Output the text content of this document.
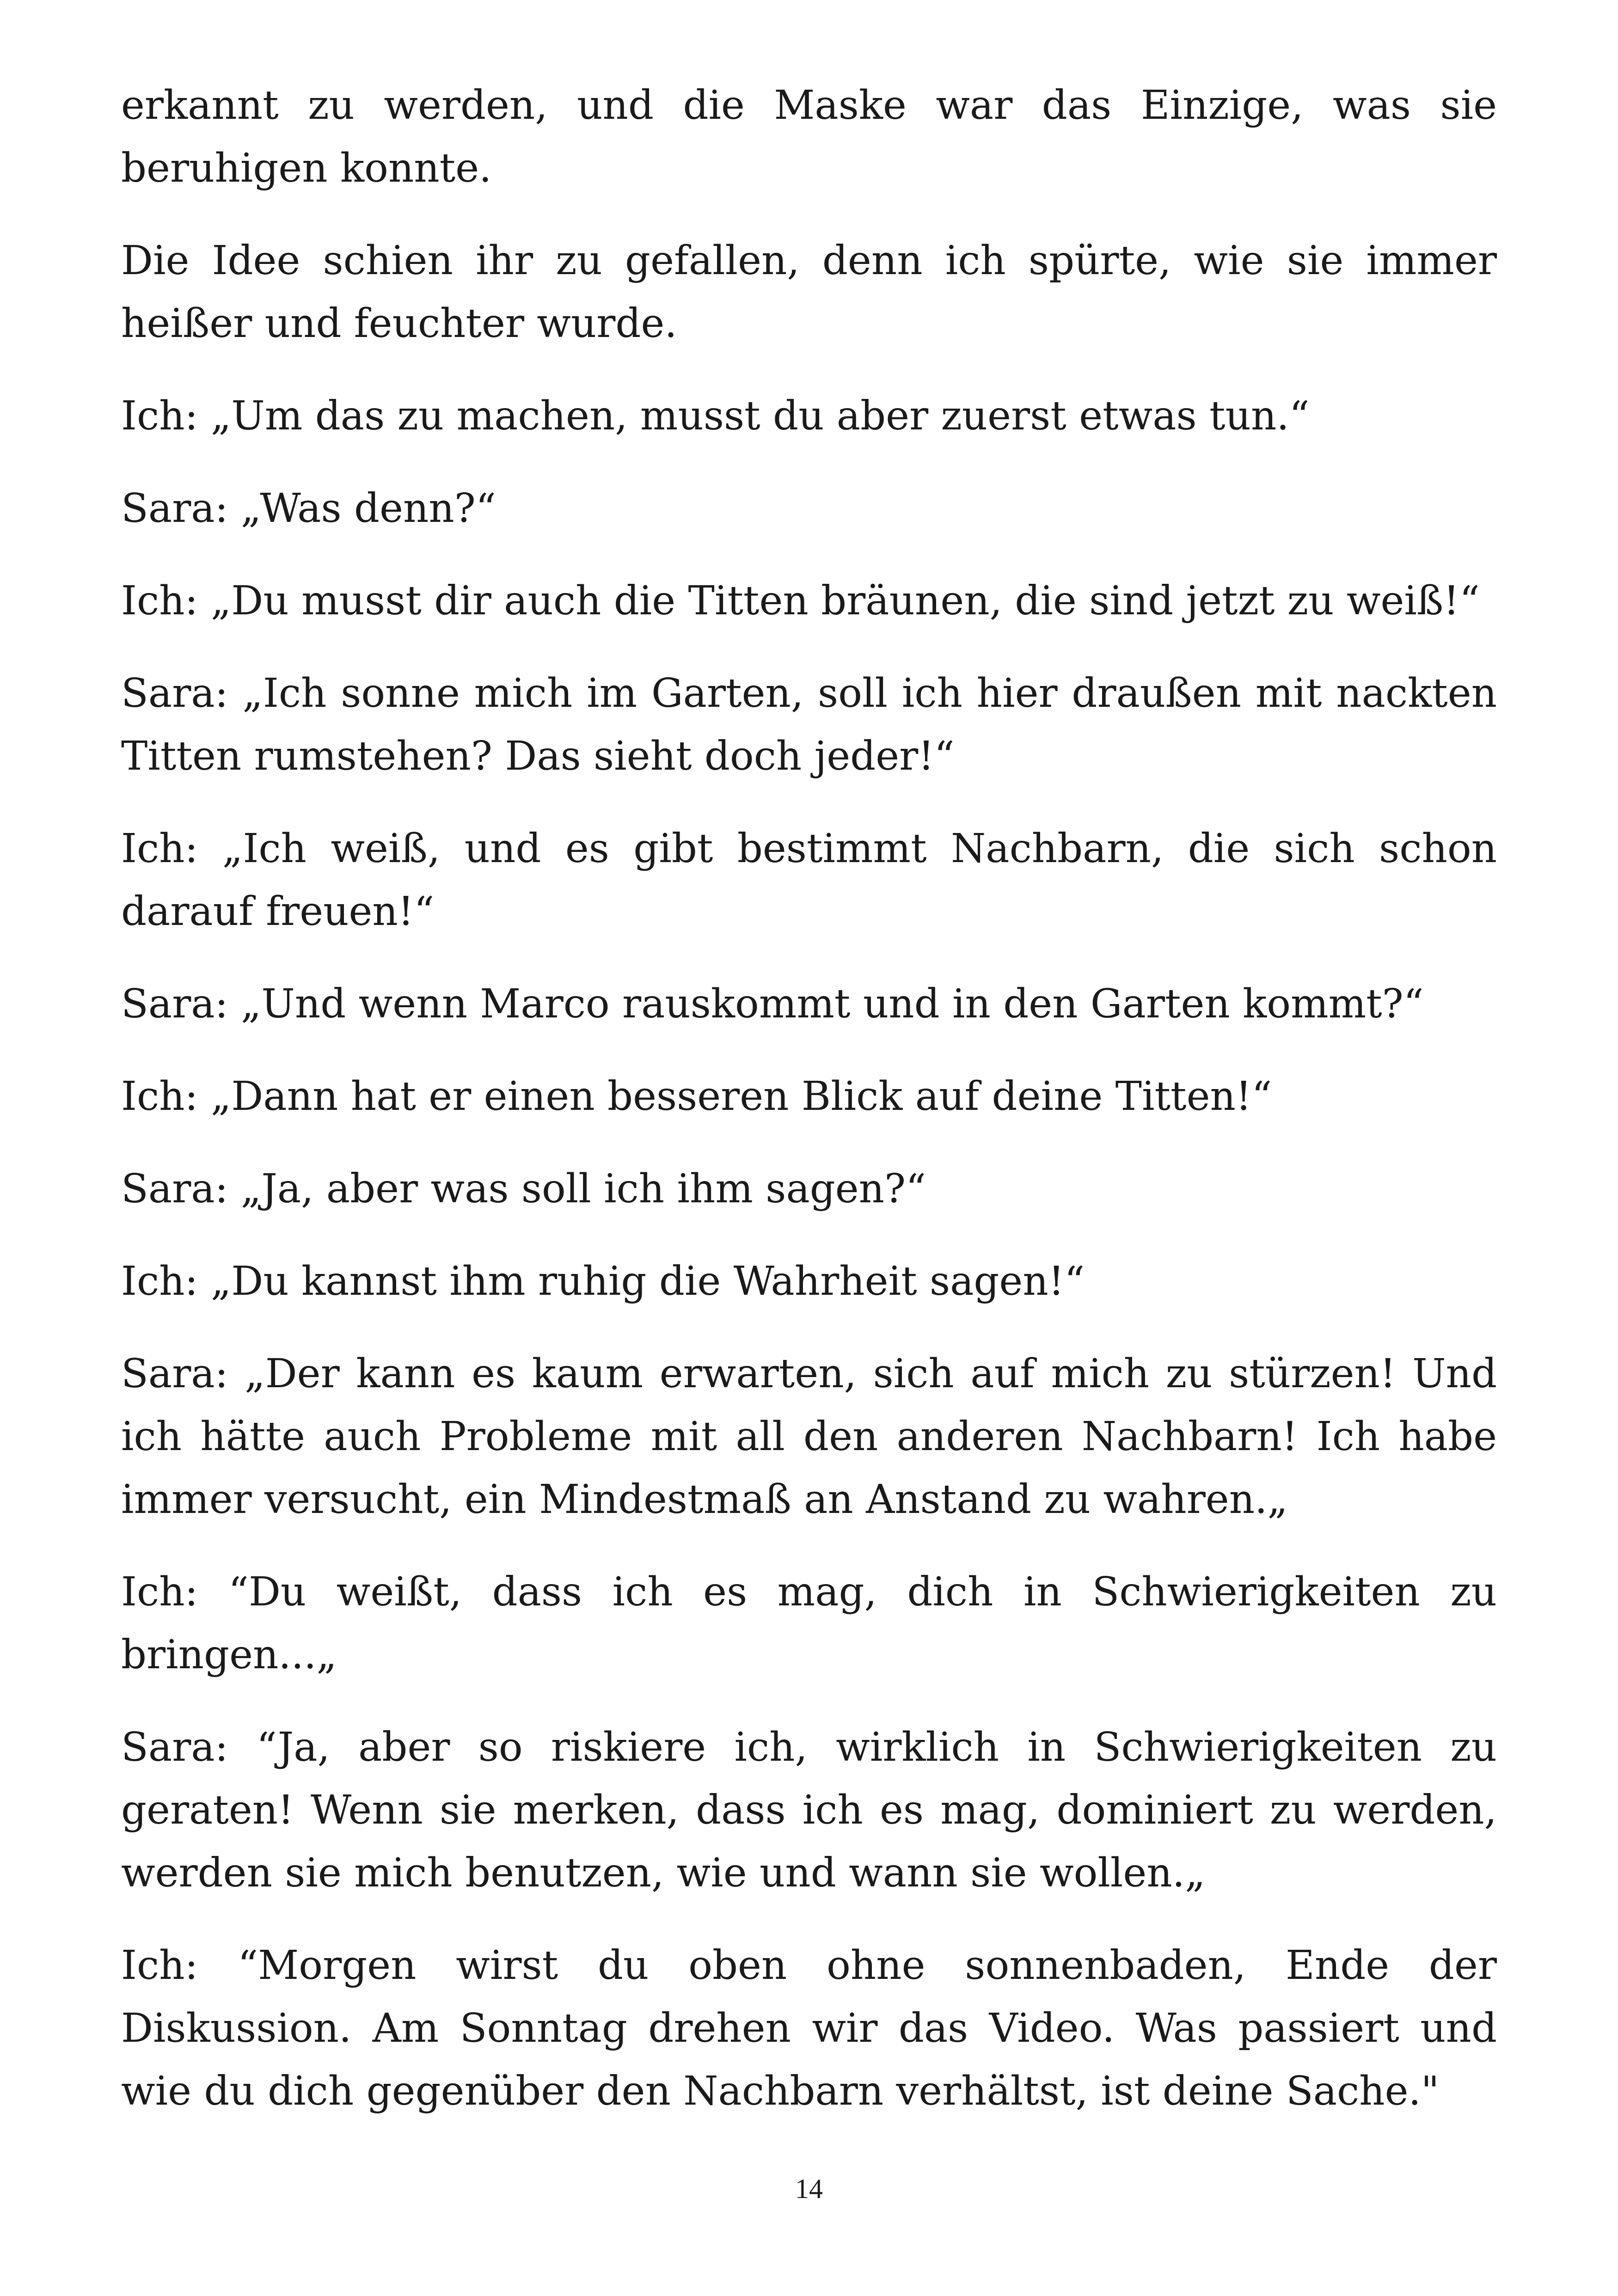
erkannt zu werden, und die Maske war das Einzige, was sie beruhigen konnte.

Die Idee schien ihr zu gefallen, denn ich spürte, wie sie immer heißer und feuchter wurde.

Ich: „Um das zu machen, musst du aber zuerst etwas tun.“

Sara: „Was denn?“

Ich: „Du musst dir auch die Titten bräunen, die sind jetzt zu weiß!“

Sara: „Ich sonne mich im Garten, soll ich hier draußen mit nackten Titten rumstehen? Das sieht doch jeder!“

Ich: „Ich weiß, und es gibt bestimmt Nachbarn, die sich schon darauf freuen!“

Sara: „Und wenn Marco rauskommt und in den Garten kommt?“

Ich: „Dann hat er einen besseren Blick auf deine Titten!“

Sara: „Ja, aber was soll ich ihm sagen?“

Ich: „Du kannst ihm ruhig die Wahrheit sagen!“

Sara: „Der kann es kaum erwarten, sich auf mich zu stürzen! Und ich hätte auch Probleme mit all den anderen Nachbarn! Ich habe immer versucht, ein Mindestmaß an Anstand zu wahren.„

Ich: “Du weißt, dass ich es mag, dich in Schwierigkeiten zu bringen...„

Sara: “Ja, aber so riskiere ich, wirklich in Schwierigkeiten zu geraten! Wenn sie merken, dass ich es mag, dominiert zu werden, werden sie mich benutzen, wie und wann sie wollen.„

Ich: “Morgen wirst du oben ohne sonnenbaden, Ende der Diskussion. Am Sonntag drehen wir das Video. Was passiert und wie du dich gegenüber den Nachbarn verhältst, ist deine Sache."

14
